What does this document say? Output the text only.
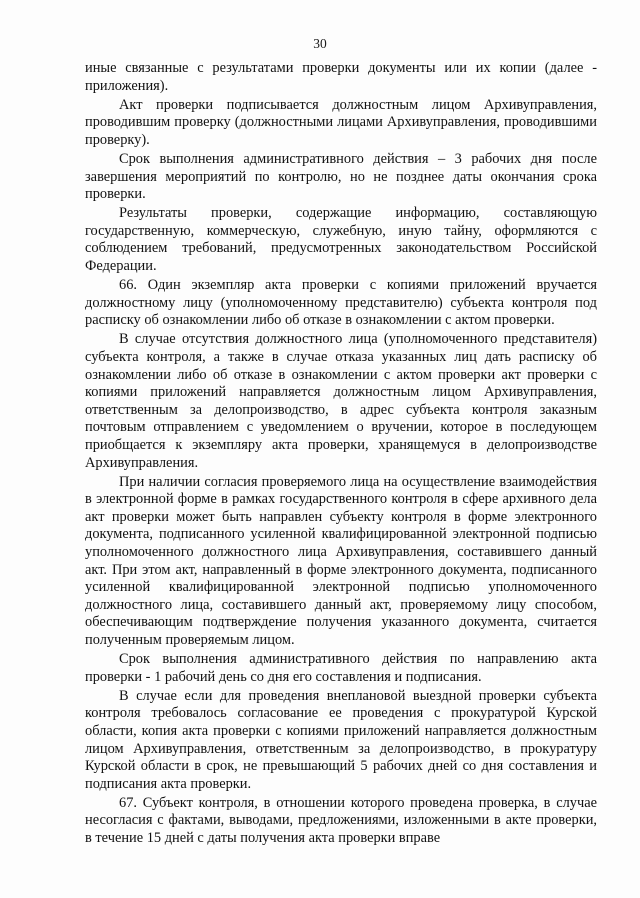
30

иные связанные с результатами проверки документы или их копии (далее - приложения).

Акт проверки подписывается должностным лицом Архивуправления, проводившим проверку (должностными лицами Архивуправления, проводившими проверку).

Срок выполнения административного действия – 3 рабочих дня после завершения мероприятий по контролю, но не позднее даты окончания срока проверки.

Результаты проверки, содержащие информацию, составляющую государственную, коммерческую, служебную, иную тайну, оформляются с соблюдением требований, предусмотренных законодательством Российской Федерации.

66. Один экземпляр акта проверки с копиями приложений вручается должностному лицу (уполномоченному представителю) субъекта контроля под расписку об ознакомлении либо об отказе в ознакомлении с актом проверки.

В случае отсутствия должностного лица (уполномоченного представителя) субъекта контроля, а также в случае отказа указанных лиц дать расписку об ознакомлении либо об отказе в ознакомлении с актом проверки акт проверки с копиями приложений направляется должностным лицом Архивуправления, ответственным за делопроизводство, в адрес субъекта контроля заказным почтовым отправлением с уведомлением о вручении, которое в последующем приобщается к экземпляру акта проверки, хранящемуся в делопроизводстве Архивуправления.

При наличии согласия проверяемого лица на осуществление взаимодействия в электронной форме в рамках государственного контроля в сфере архивного дела акт проверки может быть направлен субъекту контроля в форме электронного документа, подписанного усиленной квалифицированной электронной подписью уполномоченного должностного лица Архивуправления, составившего данный акт. При этом акт, направленный в форме электронного документа, подписанного усиленной квалифицированной электронной подписью уполномоченного должностного лица, составившего данный акт, проверяемому лицу способом, обеспечивающим подтверждение получения указанного документа, считается полученным проверяемым лицом.

Срок выполнения административного действия по направлению акта проверки - 1 рабочий день со дня его составления и подписания.

В случае если для проведения внеплановой выездной проверки субъекта контроля требовалось согласование ее проведения с прокуратурой Курской области, копия акта проверки с копиями приложений направляется должностным лицом Архивуправления, ответственным за делопроизводство, в прокуратуру Курской области в срок, не превышающий 5 рабочих дней со дня составления и подписания акта проверки.

67. Субъект контроля, в отношении которого проведена проверка, в случае несогласия с фактами, выводами, предложениями, изложенными в акте проверки, в течение 15 дней с даты получения акта проверки вправе
